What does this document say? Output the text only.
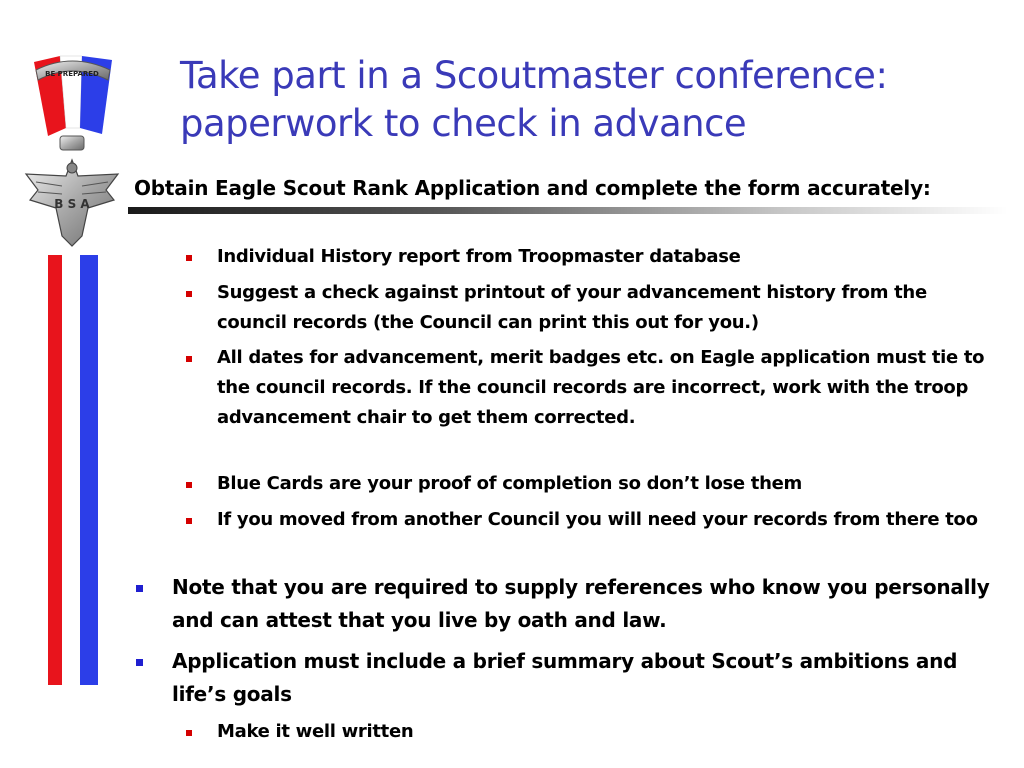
BE PREPARED
B S A
Take part in a Scoutmaster conference:
paperwork to check in advance

Obtain Eagle Scout Rank Application and complete the form accurately:

Individual History report from Troopmaster database

Suggest a check against printout of your advancement history from the council records (the Council can print this out for you.)

All dates for advancement, merit badges etc. on Eagle application must tie to the council records. If the council records are incorrect, work with the troop advancement chair to get them corrected.

Blue Cards are your proof of completion so don’t lose them

If you moved from another Council you will need your records from there too

Note that you are required to supply references who know you personally and can attest that you live by oath and law.

Application must include a brief summary about Scout’s ambitions and life’s goals

Make it well written
